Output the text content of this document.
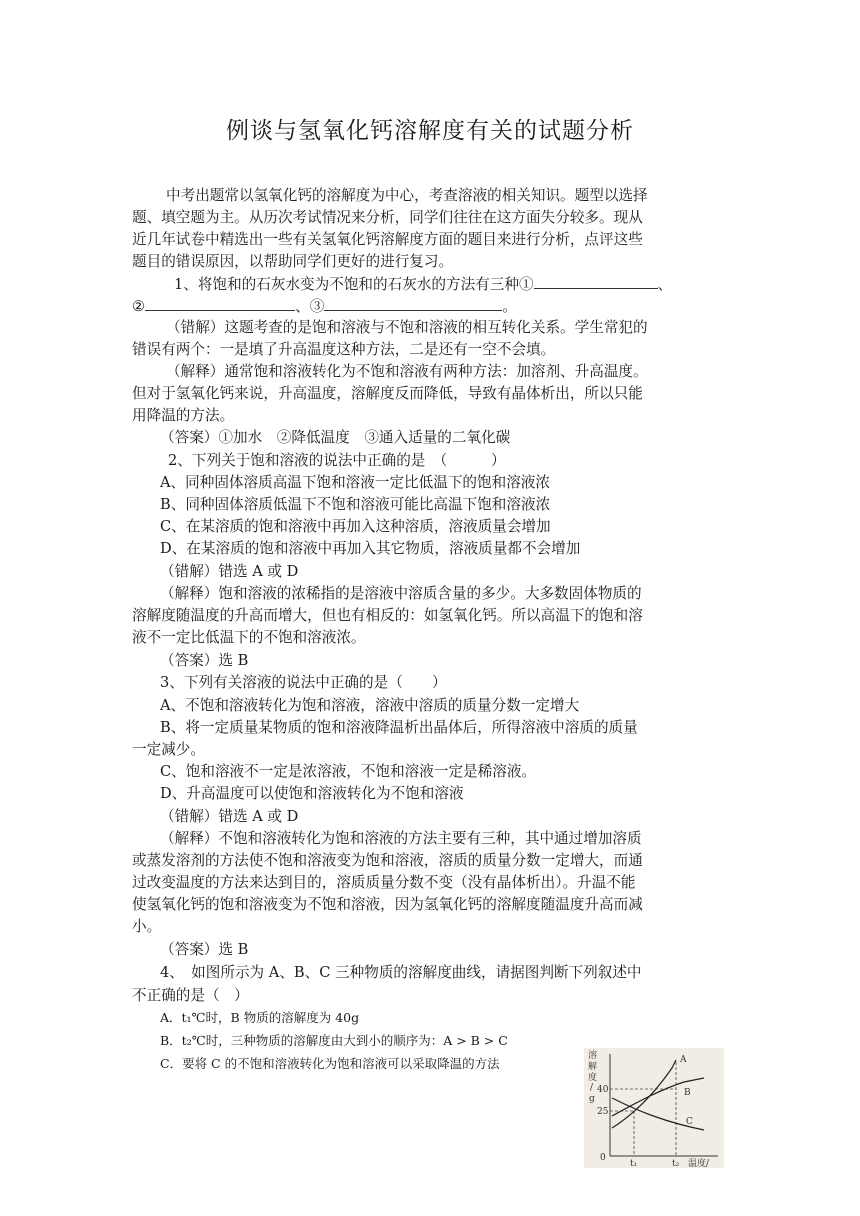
例谈与氢氧化钙溶解度有关的试题分析
中考出题常以氢氧化钙的溶解度为中心，考查溶液的相关知识。题型以选择
题、填空题为主。从历次考试情况来分析，同学们往往在这方面失分较多。现从
近几年试卷中精选出一些有关氢氧化钙溶解度方面的题目来进行分析，点评这些
题目的错误原因，以帮助同学们更好的进行复习。
1、将饱和的石灰水变为不饱和的石灰水的方法有三种①	、
②	、③	。
（错解）这题考查的是饱和溶液与不饱和溶液的相互转化关系。学生常犯的
错误有两个：一是填了升高温度这种方法，二是还有一空不会填。
（解释）通常饱和溶液转化为不饱和溶液有两种方法：加溶剂、升高温度。
但对于氢氧化钙来说，升高温度，溶解度反而降低，导致有晶体析出，所以只能
用降温的方法。
（答案）①加水　②降低温度　③通入适量的二氧化碳
2、下列关于饱和溶液的说法中正确的是　（　　　）
A、同种固体溶质高温下饱和溶液一定比低温下的饱和溶液浓
B、同种固体溶质低温下不饱和溶液可能比高温下饱和溶液浓
C、在某溶质的饱和溶液中再加入这种溶质，溶液质量会增加
D、在某溶质的饱和溶液中再加入其它物质，溶液质量都不会增加
（错解）错选 A 或 D
（解释）饱和溶液的浓稀指的是溶液中溶质含量的多少。大多数固体物质的
溶解度随温度的升高而增大，但也有相反的：如氢氧化钙。所以高温下的饱和溶
液不一定比低温下的不饱和溶液浓。
（答案）选 B
3、下列有关溶液的说法中正确的是（　　）
A、不饱和溶液转化为饱和溶液，溶液中溶质的质量分数一定增大
B、将一定质量某物质的饱和溶液降温析出晶体后，所得溶液中溶质的质量
一定减少。
C、饱和溶液不一定是浓溶液，不饱和溶液一定是稀溶液。
D、升高温度可以使饱和溶液转化为不饱和溶液
（错解）错选 A 或 D
（解释）不饱和溶液转化为饱和溶液的方法主要有三种，其中通过增加溶质
或蒸发溶剂的方法使不饱和溶液变为饱和溶液，溶质的质量分数一定增大，而通
过改变温度的方法来达到目的，溶质质量分数不变（没有晶体析出）。升温不能
使氢氧化钙的饱和溶液变为不饱和溶液，因为氢氧化钙的溶解度随温度升高而减
小。
（答案）选 B
4、　如图所示为 A、B、C 三种物质的溶解度曲线，请据图判断下列叙述中
不正确的是（　）
A．t₁℃时，B 物质的溶解度为 40g
B．t₂℃时，三种物质的溶解度由大到小的顺序为：A > B > C
C．要将 C 的不饱和溶液转化为饱和溶液可以采取降温的方法	溶
解
度
/
g
40
25
0
A
B
C
t₁	t₂ 温度/
